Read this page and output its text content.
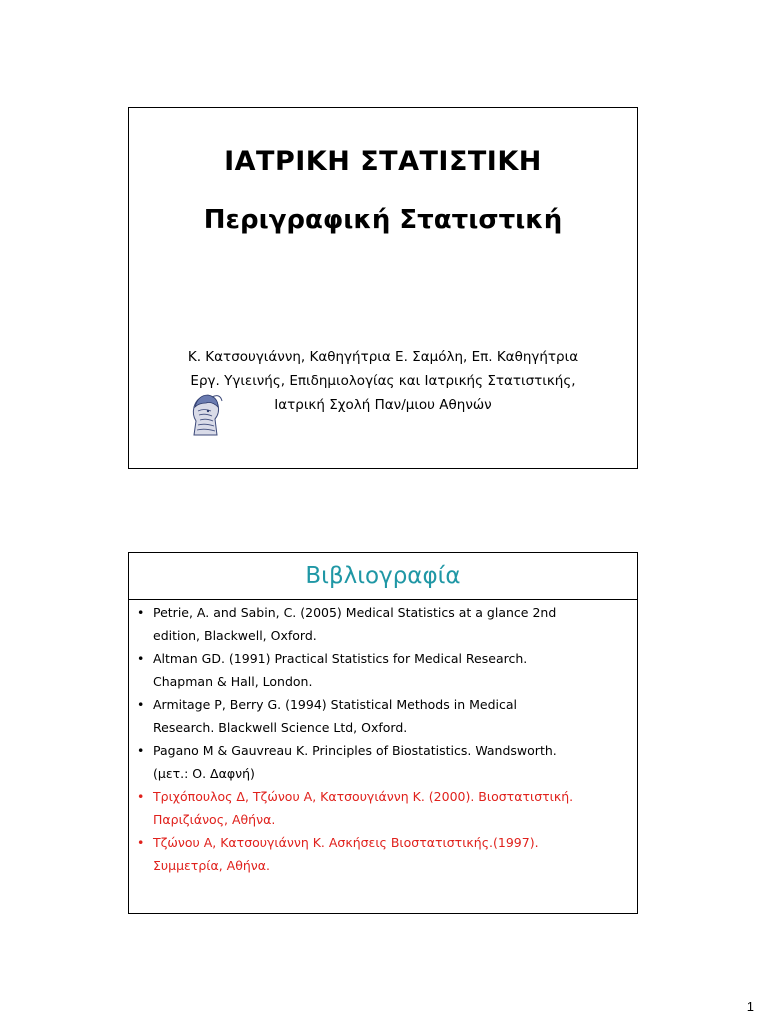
ΙΑΤΡΙΚΗ ΣΤΑΤΙΣΤΙΚΗ
Περιγραφική Στατιστική
Κ. Κατσουγιάννη, Καθηγήτρια Ε. Σαμόλη, Επ. Καθηγήτρια
Εργ. Υγιεινής, Επιδημιολογίας και Ιατρικής Στατιστικής,
Ιατρική Σχολή Παν/μιου Αθηνών
Βιβλιογραφία
• Petrie, A. and Sabin, C. (2005) Medical Statistics at a glance 2nd
edition, Blackwell, Oxford.
• Altman GD. (1991) Practical Statistics for Medical Research.
Chapman & Hall, London.
• Armitage P, Berry G. (1994) Statistical Methods in Medical
Research. Blackwell Science Ltd, Oxford.
• Pagano M & Gauvreau K. Principles of Biostatistics. Wandsworth.
(μετ.: Ο. Δαφνή)
• Τριχόπουλος Δ, Τζώνου Α, Κατσουγιάννη Κ. (2000). Βιοστατιστική.
Παριζιάνος, Αθήνα.
• Τζώνου Α, Κατσουγιάννη Κ. Ασκήσεις Βιοστατιστικής.(1997).
Συμμετρία, Αθήνα.
1
